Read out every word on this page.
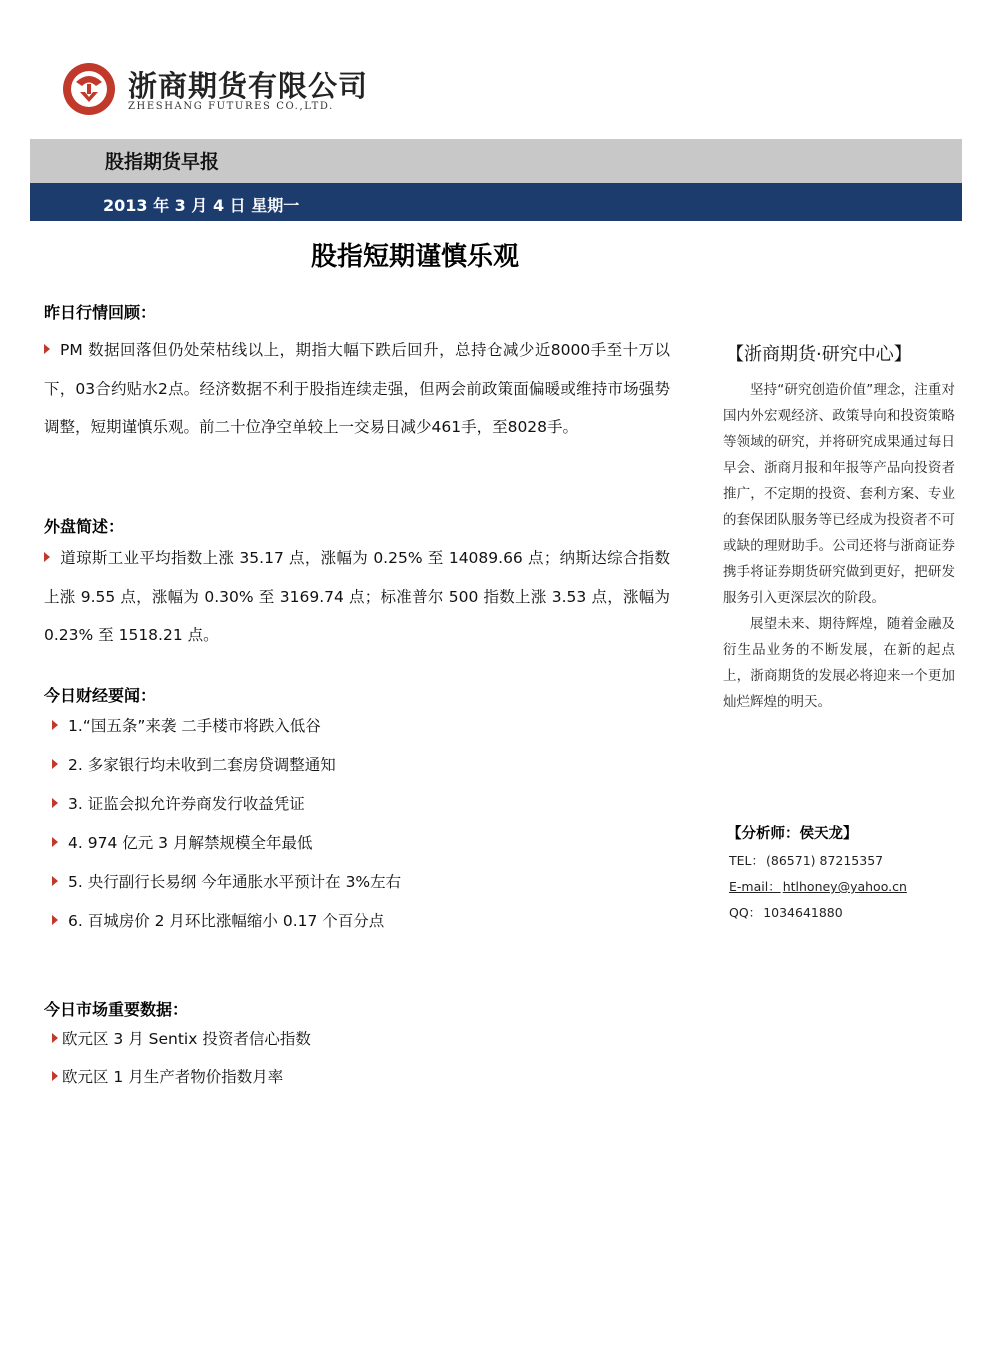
浙商期货有限公司
ZHESHANG FUTURES CO.,LTD.
股指期货早报
2013 年 3 月 4 日 星期一
股指短期谨慎乐观
昨日行情回顾：
PM 数据回落但仍处荣枯线以上，期指大幅下跌后回升，总持仓减少近8000手至十万以下，03合约贴水2点。经济数据不利于股指连续走强，但两会前政策面偏暖或维持市场强势调整，短期谨慎乐观。前二十位净空单较上一交易日减少461手，至8028手。
外盘简述：
道琼斯工业平均指数上涨 35.17 点，涨幅为 0.25% 至 14089.66 点；纳斯达综合指数上涨 9.55 点，涨幅为 0.30% 至 3169.74 点；标准普尔 500 指数上涨 3.53 点，涨幅为 0.23% 至 1518.21 点。
今日财经要闻：
1.“国五条”来袭 二手楼市将跌入低谷
2. 多家银行均未收到二套房贷调整通知
3. 证监会拟允许券商发行收益凭证
4. 974 亿元 3 月解禁规模全年最低
5. 央行副行长易纲 今年通胀水平预计在 3%左右
6. 百城房价 2 月环比涨幅缩小 0.17 个百分点
今日市场重要数据：
欧元区 3 月 Sentix 投资者信心指数
欧元区 1 月生产者物价指数月率
【浙商期货·研究中心】

坚持“研究创造价值”理念，注重对国内外宏观经济、政策导向和投资策略等领域的研究，并将研究成果通过每日早会、浙商月报和年报等产品向投资者推广，不定期的投资、套利方案、专业的套保团队服务等已经成为投资者不可或缺的理财助手。公司还将与浙商证券携手将证券期货研究做到更好，把研发服务引入更深层次的阶段。

展望未来、期待辉煌，随着金融及衍生品业务的不断发展，在新的起点上，浙商期货的发展必将迎来一个更加灿烂辉煌的明天。

【分析师：侯天龙】
TEL： (86571) 87215357
E-mail： htlhoney@yahoo.cn
QQ： 1034641880
